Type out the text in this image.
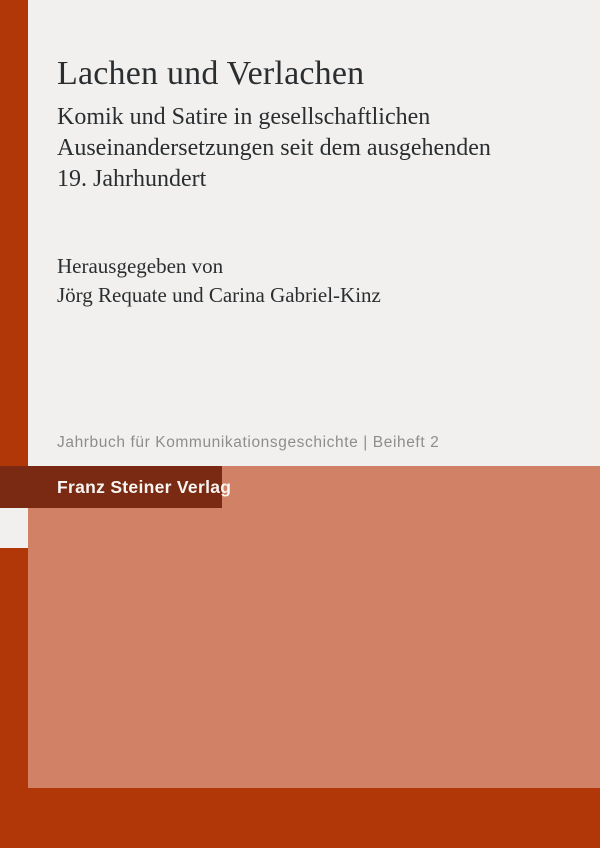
Lachen und Verlachen
Komik und Satire in gesellschaftlichen
Auseinandersetzungen seit dem ausgehenden
19. Jahrhundert
Herausgegeben von
Jörg Requate und Carina Gabriel-Kinz
Jahrbuch für Kommunikationsgeschichte | Beiheft 2
Franz Steiner Verlag
